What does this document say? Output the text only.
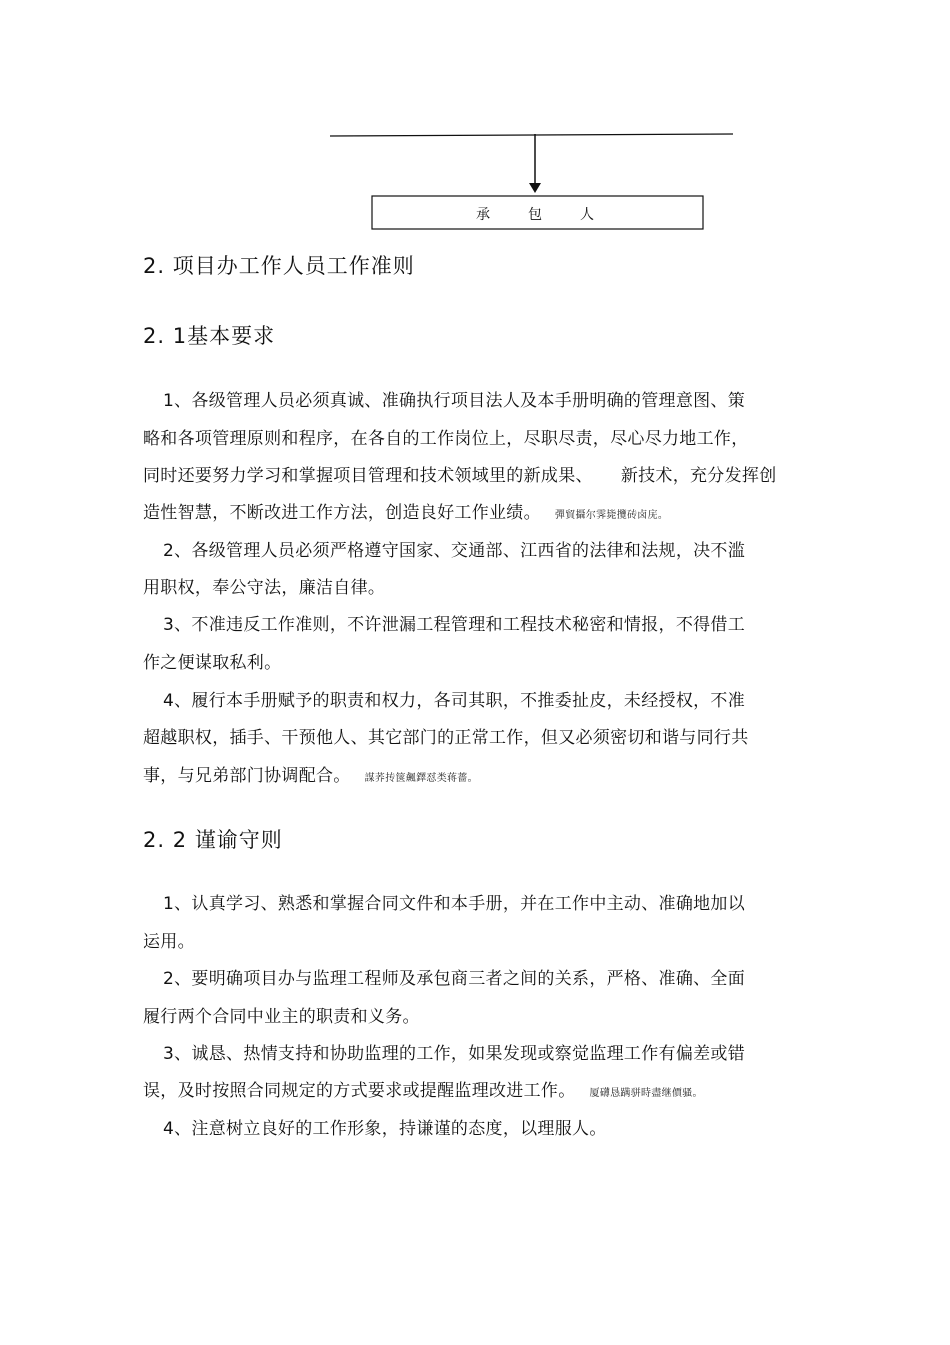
承包人
2. 项目办工作人员工作准则
2. 1基本要求
1、各级管理人员必须真诚、准确执行项目法人及本手册明确的管理意图、策
略和各项管理原则和程序，在各自的工作岗位上，尽职尽责，尽心尽力地工作，
同时还要努力学习和掌握项目管理和技术领域里的新成果、 新技术，充分发挥创
造性智慧，不断改进工作方法，创造良好工作业绩。 彈貿攝尔霁毙攬砖卤庑。
2、各级管理人员必须严格遵守国家、交通部、江西省的法律和法规，决不滥
用职权，奉公守法，廉洁自律。
3、不准违反工作准则，不许泄漏工程管理和工程技术秘密和情报，不得借工
作之便谋取私利。
4、履行本手册赋予的职责和权力，各司其职，不推委扯皮，未经授权，不准
超越职权，插手、干预他人、其它部门的正常工作，但又必须密切和谐与同行共
事，与兄弟部门协调配合。 謀荞抟箧飆鐸怼类蒋薔。
2. 2 谨谕守则
1、认真学习、熟悉和掌握合同文件和本手册，并在工作中主动、准确地加以
运用。
2、要明确项目办与监理工程师及承包商三者之间的关系，严格、准确、全面
履行两个合同中业主的职责和义务。
3、诚恳、热情支持和协助监理的工作，如果发现或察觉监理工作有偏差或错
误，及时按照合同规定的方式要求或提醒监理改进工作。 厦礴恳蹒骈時盡继價骚。
4、注意树立良好的工作形象，持谦谨的态度，以理服人。
